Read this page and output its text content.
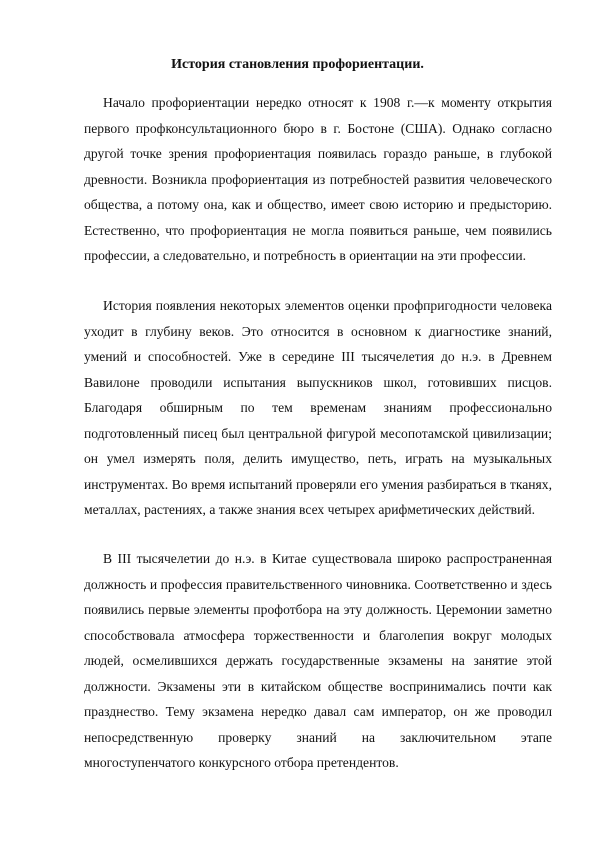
История становления профориентации.

Начало профориентации нередко относят к 1908 г.—к моменту открытия первого профконсультационного бюро в г. Бостоне (США). Однако согласно другой точке зрения профориентация появилась гораздо раньше, в глубокой древности. Возникла профориентация из потребностей развития человеческого общества, а потому она, как и общество, имеет свою историю и предысторию. Естественно, что профориентация не могла появиться раньше, чем появились профессии, а следовательно, и потребность в ориентации на эти профессии.

История появления некоторых элементов оценки профпригодности человека уходит в глубину веков. Это относится в основном к диагностике знаний, умений и способностей. Уже в середине III тысячелетия до н.э. в Древнем Вавилоне проводили испытания выпускников школ, готовивших писцов. Благодаря обширным по тем временам знаниям профессионально подготовленный писец был центральной фигурой месопотамской цивилизации; он умел измерять поля, делить имущество, петь, играть на музыкальных инструментах. Во время испытаний проверяли его умения разбираться в тканях, металлах, растениях, а также знания всех четырех арифметических действий.

В III тысячелетии до н.э. в Китае существовала широко распространенная должность и профессия правительственного чиновника. Соответственно и здесь появились первые элементы профотбора на эту должность. Церемонии заметно способствовала атмосфера торжественности и благолепия вокруг молодых людей, осмелившихся держать государственные экзамены на занятие этой должности. Экзамены эти в китайском обществе воспринимались почти как празднество. Тему экзамена нередко давал сам император, он же проводил непосредственную проверку знаний на заключительном этапе многоступенчатого конкурсного отбора претендентов.
